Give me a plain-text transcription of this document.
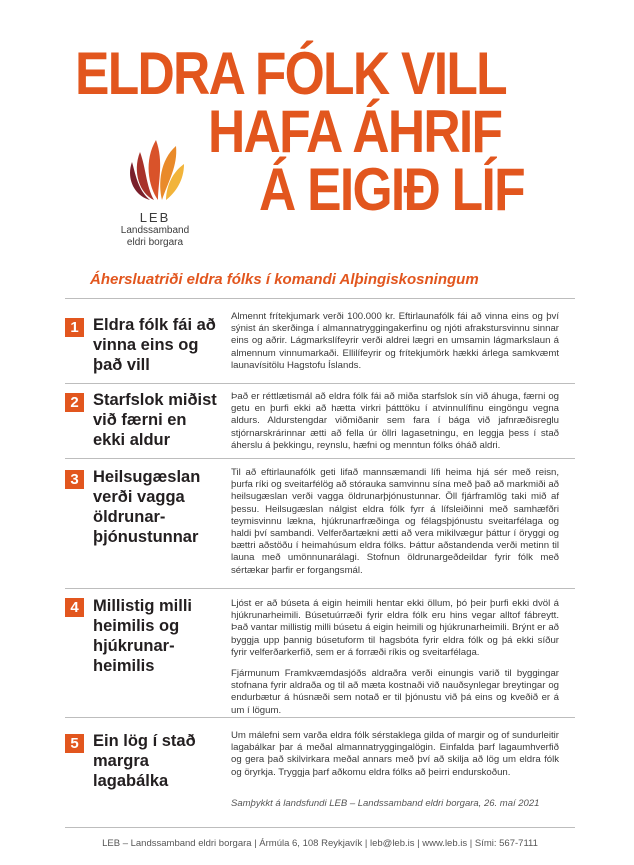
ELDRA FÓLK VILL
HAFA ÁHRIF
Á EIGIÐ LÍF
LEB
Landssamband
eldri borgara
Áhersluatriði eldra fólks í komandi Alþingiskosningum
1 Eldra fólk fái að vinna eins og það vill

Almennt frítekjumark verði 100.000 kr. Eftirlaunafólk fái að vinna eins og því sýnist án skerðinga í almannatryggingakerfinu og njóti afrakstursvinnu sinnar eins og aðrir. Lágmarkslífeyrir verði aldrei lægri en umsamin lágmarkslaun á almennum vinnumarkaði. Ellilífeyrir og frítekjumörk hækki árlega samkvæmt launavísitölu Hagstofu Íslands.

2 Starfslok miðist við færni en ekki aldur

Það er réttlætismál að eldra fólk fái að miða starfslok sín við áhuga, færni og getu en þurfi ekki að hætta virkri þátttöku í atvinnulífinu eingöngu vegna aldurs. Aldurstengdar viðmiðanir sem fara í bága við jafnræðisreglu stjórnarskrárinnar ætti að fella úr öllri lagasetningu, en leggja þess í stað áherslu á þekkingu, reynslu, hæfni og menntun fólks óháð aldri.

3 Heilsugæslan verði vagga öldrunar-þjónustunnar

Til að eftirlaunafólk geti lifað mannsæmandi lífi heima hjá sér með reisn, þurfa ríki og sveitarfélög að stórauka samvinnu sína með það að markmiði að heilsugæslan verði vagga öldrunarþjónustunnar. Öll fjárframlög taki mið af þessu. Heilsugæslan nálgist eldra fólk fyrr á lífsleiðinni með samhæfðri teymisvinnu lækna, hjúkrunarfræðinga og félagsþjónustu sveitarfélaga og haldi því sambandi. Velferðartækni ætti að vera mikilvægur þáttur í öryggi og bættri aðstöðu í heimahúsum eldra fólks. Þáttur aðstandenda verði metinn til launa með umönnunarálagi. Stofnun öldrunargeðdeildar fyrir fólk með sértækar þarfir er forgangsmál.

4 Millistig milli heimilis og hjúkrunar-heimilis

Ljóst er að búseta á eigin heimili hentar ekki öllum, þó þeir þurfi ekki dvöl á hjúkrunarheimili. Búsetuúrræði fyrir eldra fólk eru hins vegar alltof fábreytt. Það vantar millistig milli búsetu á eigin heimili og hjúkrunarheimili. Brýnt er að byggja upp þannig búsetuform til hagsbóta fyrir eldra fólk og þá ekki síður fyrir velferðarkerfið, sem er á forræði ríkis og sveitarfélaga.

Fjármunum Framkvæmdasjóðs aldraðra verði einungis varið til byggingar stofnana fyrir aldraða og til að mæta kostnaði við nauðsynlegar breytingar og endurbætur á húsnæði sem notað er til þjónustu við þá eins og kveðið er á um í lögum.

5 Ein lög í stað margra lagabálka

Um málefni sem varða eldra fólk sérstaklega gilda of margir og of sundurleitir lagabálkar þar á meðal almannatryggingalögin. Einfalda þarf lagaumhverfið og gera það skilvirkara meðal annars með því að skilja að lög um eldra fólk og öryrkja. Tryggja þarf aðkomu eldra fólks að þeirri endurskoðun.

Samþykkt á landsfundi LEB – Landssamband eldri borgara, 26. maí 2021
LEB – Landssamband eldri borgara | Ármúla 6, 108 Reykjavík | leb@leb.is | www.leb.is | Sími: 567-7111
